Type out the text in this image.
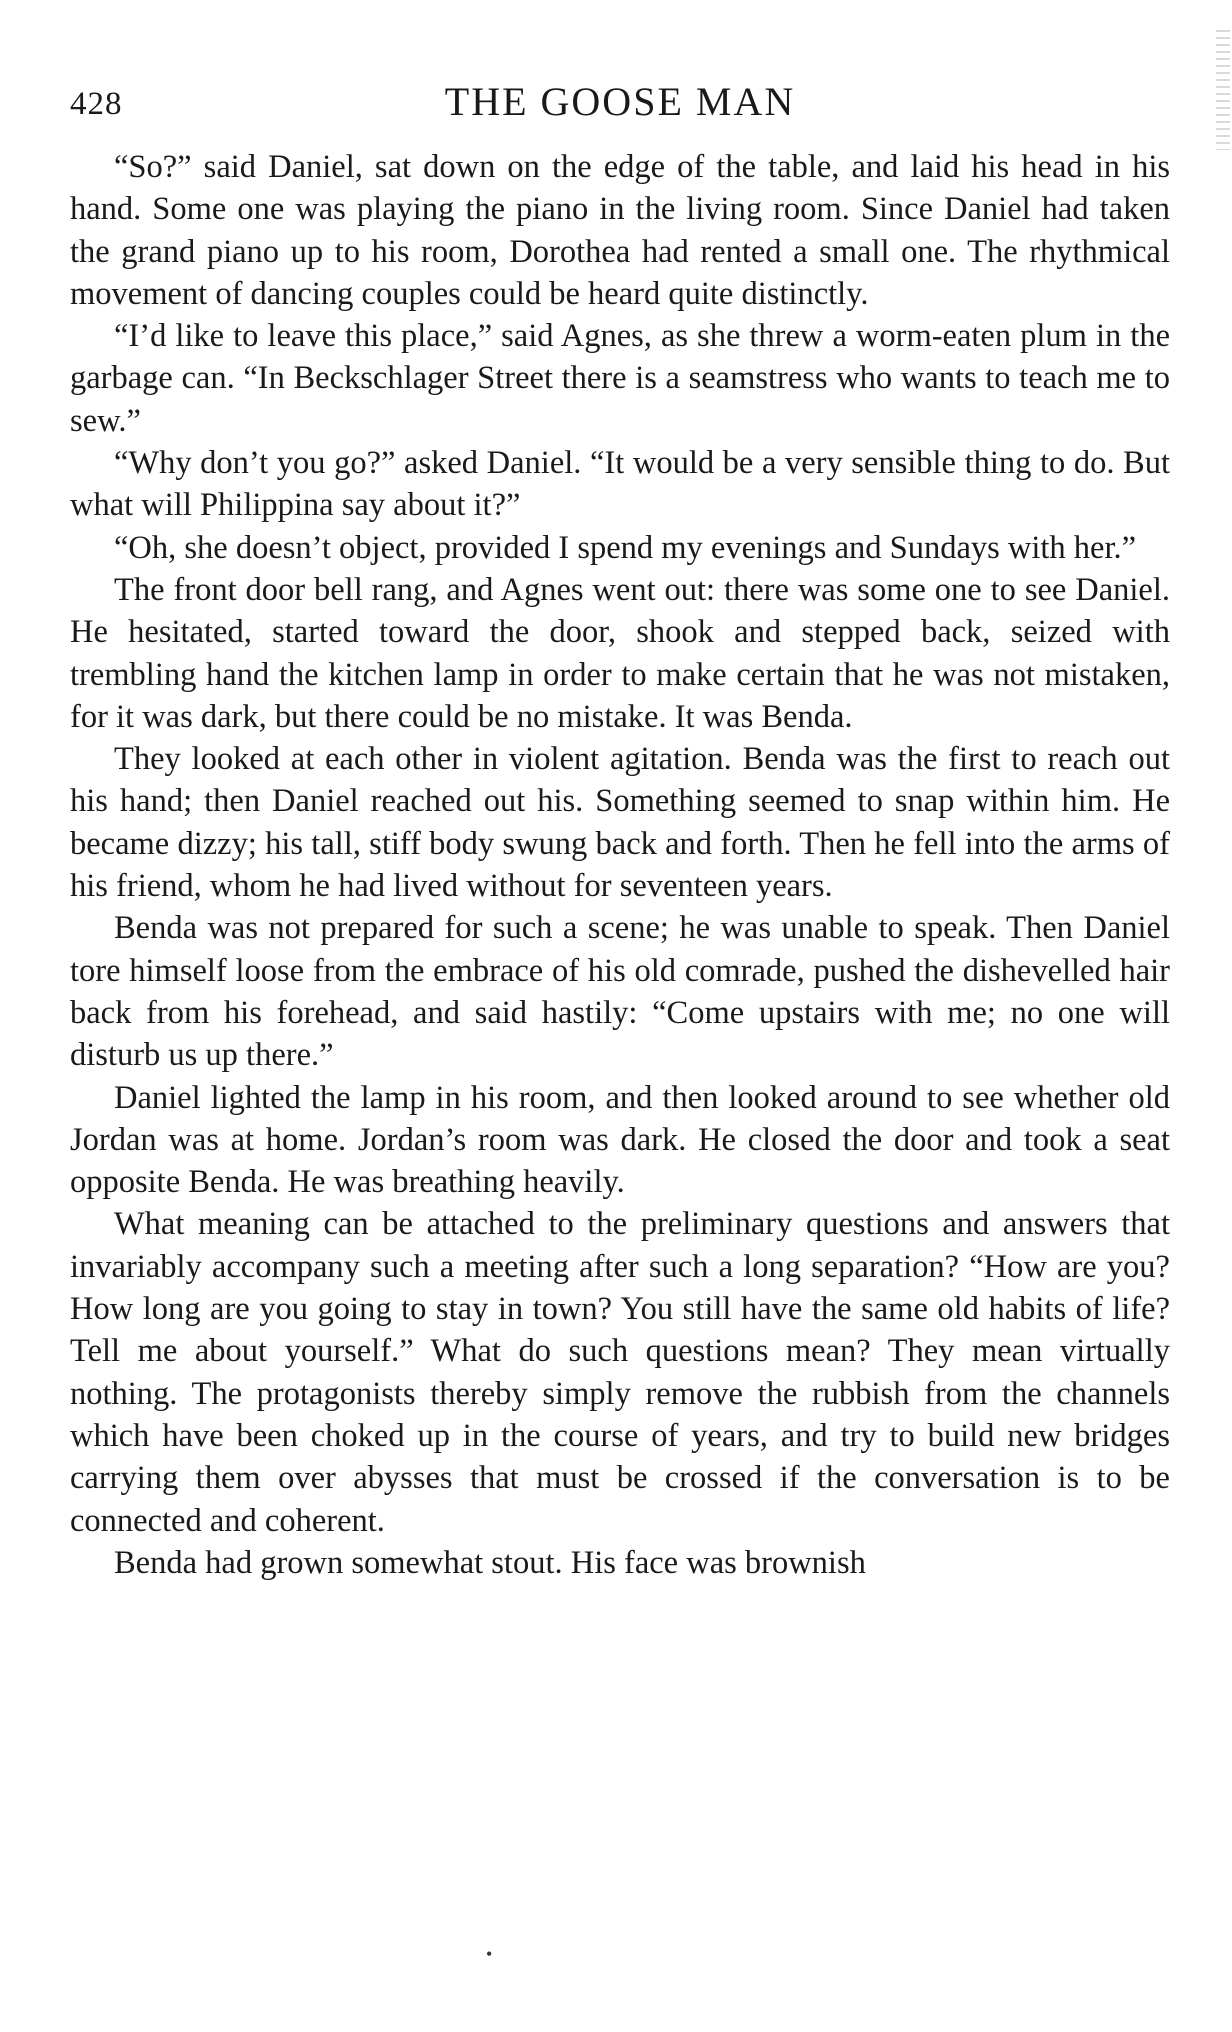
428	THE GOOSE MAN

“So?” said Daniel, sat down on the edge of the table, and laid his head in his hand. Some one was playing the piano in the living room. Since Daniel had taken the grand piano up to his room, Dorothea had rented a small one. The rhythmical movement of dancing couples could be heard quite distinctly.

“I’d like to leave this place,” said Agnes, as she threw a worm-eaten plum in the garbage can. “In Beckschlager Street there is a seamstress who wants to teach me to sew.”

“Why don’t you go?” asked Daniel. “It would be a very sensible thing to do. But what will Philippina say about it?”

“Oh, she doesn’t object, provided I spend my evenings and Sundays with her.”

The front door bell rang, and Agnes went out: there was some one to see Daniel. He hesitated, started toward the door, shook and stepped back, seized with trembling hand the kitchen lamp in order to make certain that he was not mistaken, for it was dark, but there could be no mistake. It was Benda.

They looked at each other in violent agitation. Benda was the first to reach out his hand; then Daniel reached out his. Something seemed to snap within him. He became dizzy; his tall, stiff body swung back and forth. Then he fell into the arms of his friend, whom he had lived without for seventeen years.

Benda was not prepared for such a scene; he was unable to speak. Then Daniel tore himself loose from the embrace of his old comrade, pushed the dishevelled hair back from his forehead, and said hastily: “Come upstairs with me; no one will disturb us up there.”

Daniel lighted the lamp in his room, and then looked around to see whether old Jordan was at home. Jordan’s room was dark. He closed the door and took a seat opposite Benda. He was breathing heavily.

What meaning can be attached to the preliminary questions and answers that invariably accompany such a meeting after such a long separation? “How are you? How long are you going to stay in town? You still have the same old habits of life? Tell me about yourself.” What do such questions mean? They mean virtually nothing. The protagonists thereby simply remove the rubbish from the channels which have been choked up in the course of years, and try to build new bridges carrying them over abysses that must be crossed if the conversation is to be connected and coherent.

Benda had grown somewhat stout. His face was brownish

•
